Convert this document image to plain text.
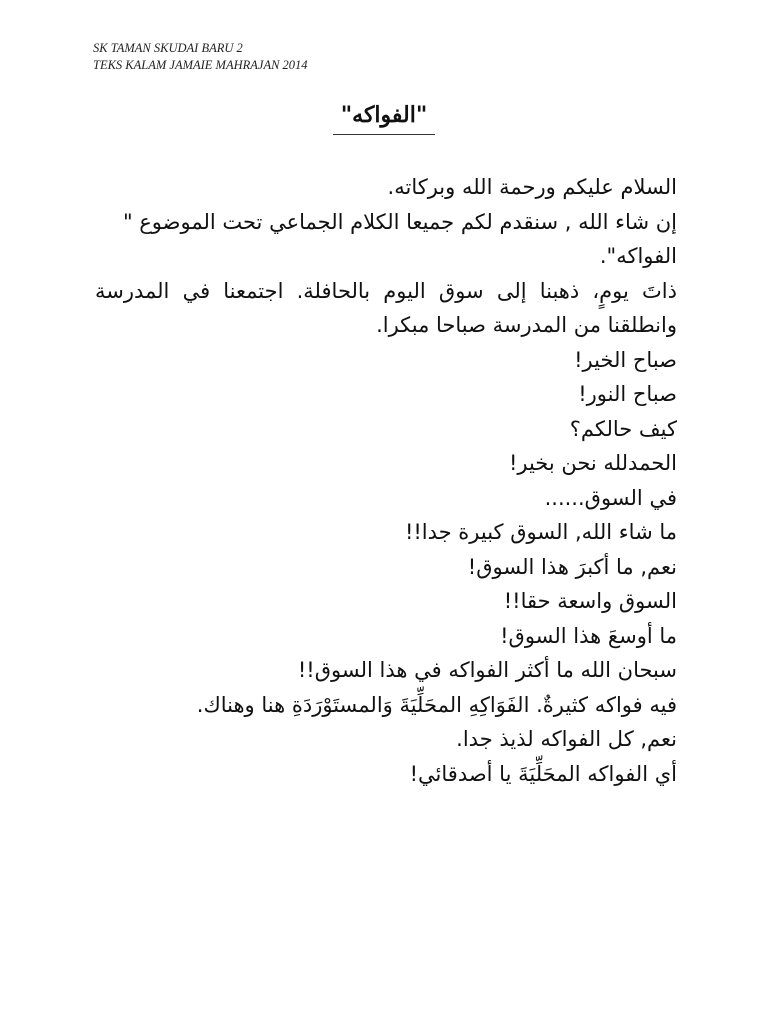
SK TAMAN SKUDAI BARU 2
TEKS KALAM JAMAIE MAHRAJAN 2014
"الفواكه"

السلام عليكم ورحمة الله وبركاته.

إن شاء الله , سنقدم لكم جميعا الكلام الجماعي تحت الموضوع " الفواكه".

ذاتَ يومٍ، ذهبنا إلى سوق اليوم بالحافلة. اجتمعنا في المدرسة وانطلقنا من المدرسة صباحا مبكرا.

صباح الخير!

صباح النور!

كيف حالكم؟

الحمدلله نحن بخير!

في السوق......

ما شاء الله, السوق كبيرة جدا!!

نعم, ما أكبرَ هذا السوق!

السوق واسعة حقا!!

ما أوسعَ هذا السوق!

سبحان الله ما أكثر الفواكه في هذا السوق!!

فيه فواكه كثيرةٌ. الفَوَاكِهِ المحَلِّيَةَ وَالمستَوْرَدَةِ هنا وهناك.

نعم, كل الفواكه لذيذ جدا.

أي الفواكه المحَلِّيَةَ يا أصدقائي!
